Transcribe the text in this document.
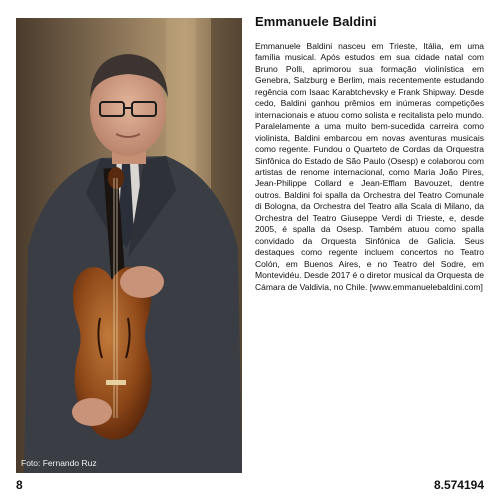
Foto: Fernando Ruz
Emmanuele Baldini

Emmanuele Baldini nasceu em Trieste, Itália, em uma família musical. Após estudos em sua cidade natal com Bruno Polli, aprimorou sua formação violinística em Genebra, Salzburg e Berlim, mais recentemente estudando regência com Isaac Karabtchevsky e Frank Shipway. Desde cedo, Baldini ganhou prêmios em inúmeras competições internacionais e atuou como solista e recitalista pelo mundo. Paralelamente a uma muito bem-sucedida carreira como violinista, Baldini embarcou em novas aventuras musicais como regente. Fundou o Quarteto de Cordas da Orquestra Sinfônica do Estado de São Paulo (Osesp) e colaborou com artistas de renome internacional, como Maria João Pires, Jean-Philippe Collard e Jean-Efflam Bavouzet, dentre outros. Baldini foi spalla da Orchestra del Teatro Comunale di Bologna, da Orchestra del Teatro alla Scala di Milano, da Orchestra del Teatro Giuseppe Verdi di Trieste, e, desde 2005, é spalla da Osesp. Também atuou como spalla convidado da Orquesta Sinfónica de Galicia. Seus destaques como regente incluem concertos no Teatro Colón, em Buenos Aires, e no Teatro del Sodre, em Montevidéu. Desde 2017 é o diretor musical da Orquesta de Cámara de Valdivia, no Chile. [www.emmanuelebaldini.com]

8	8.574194
